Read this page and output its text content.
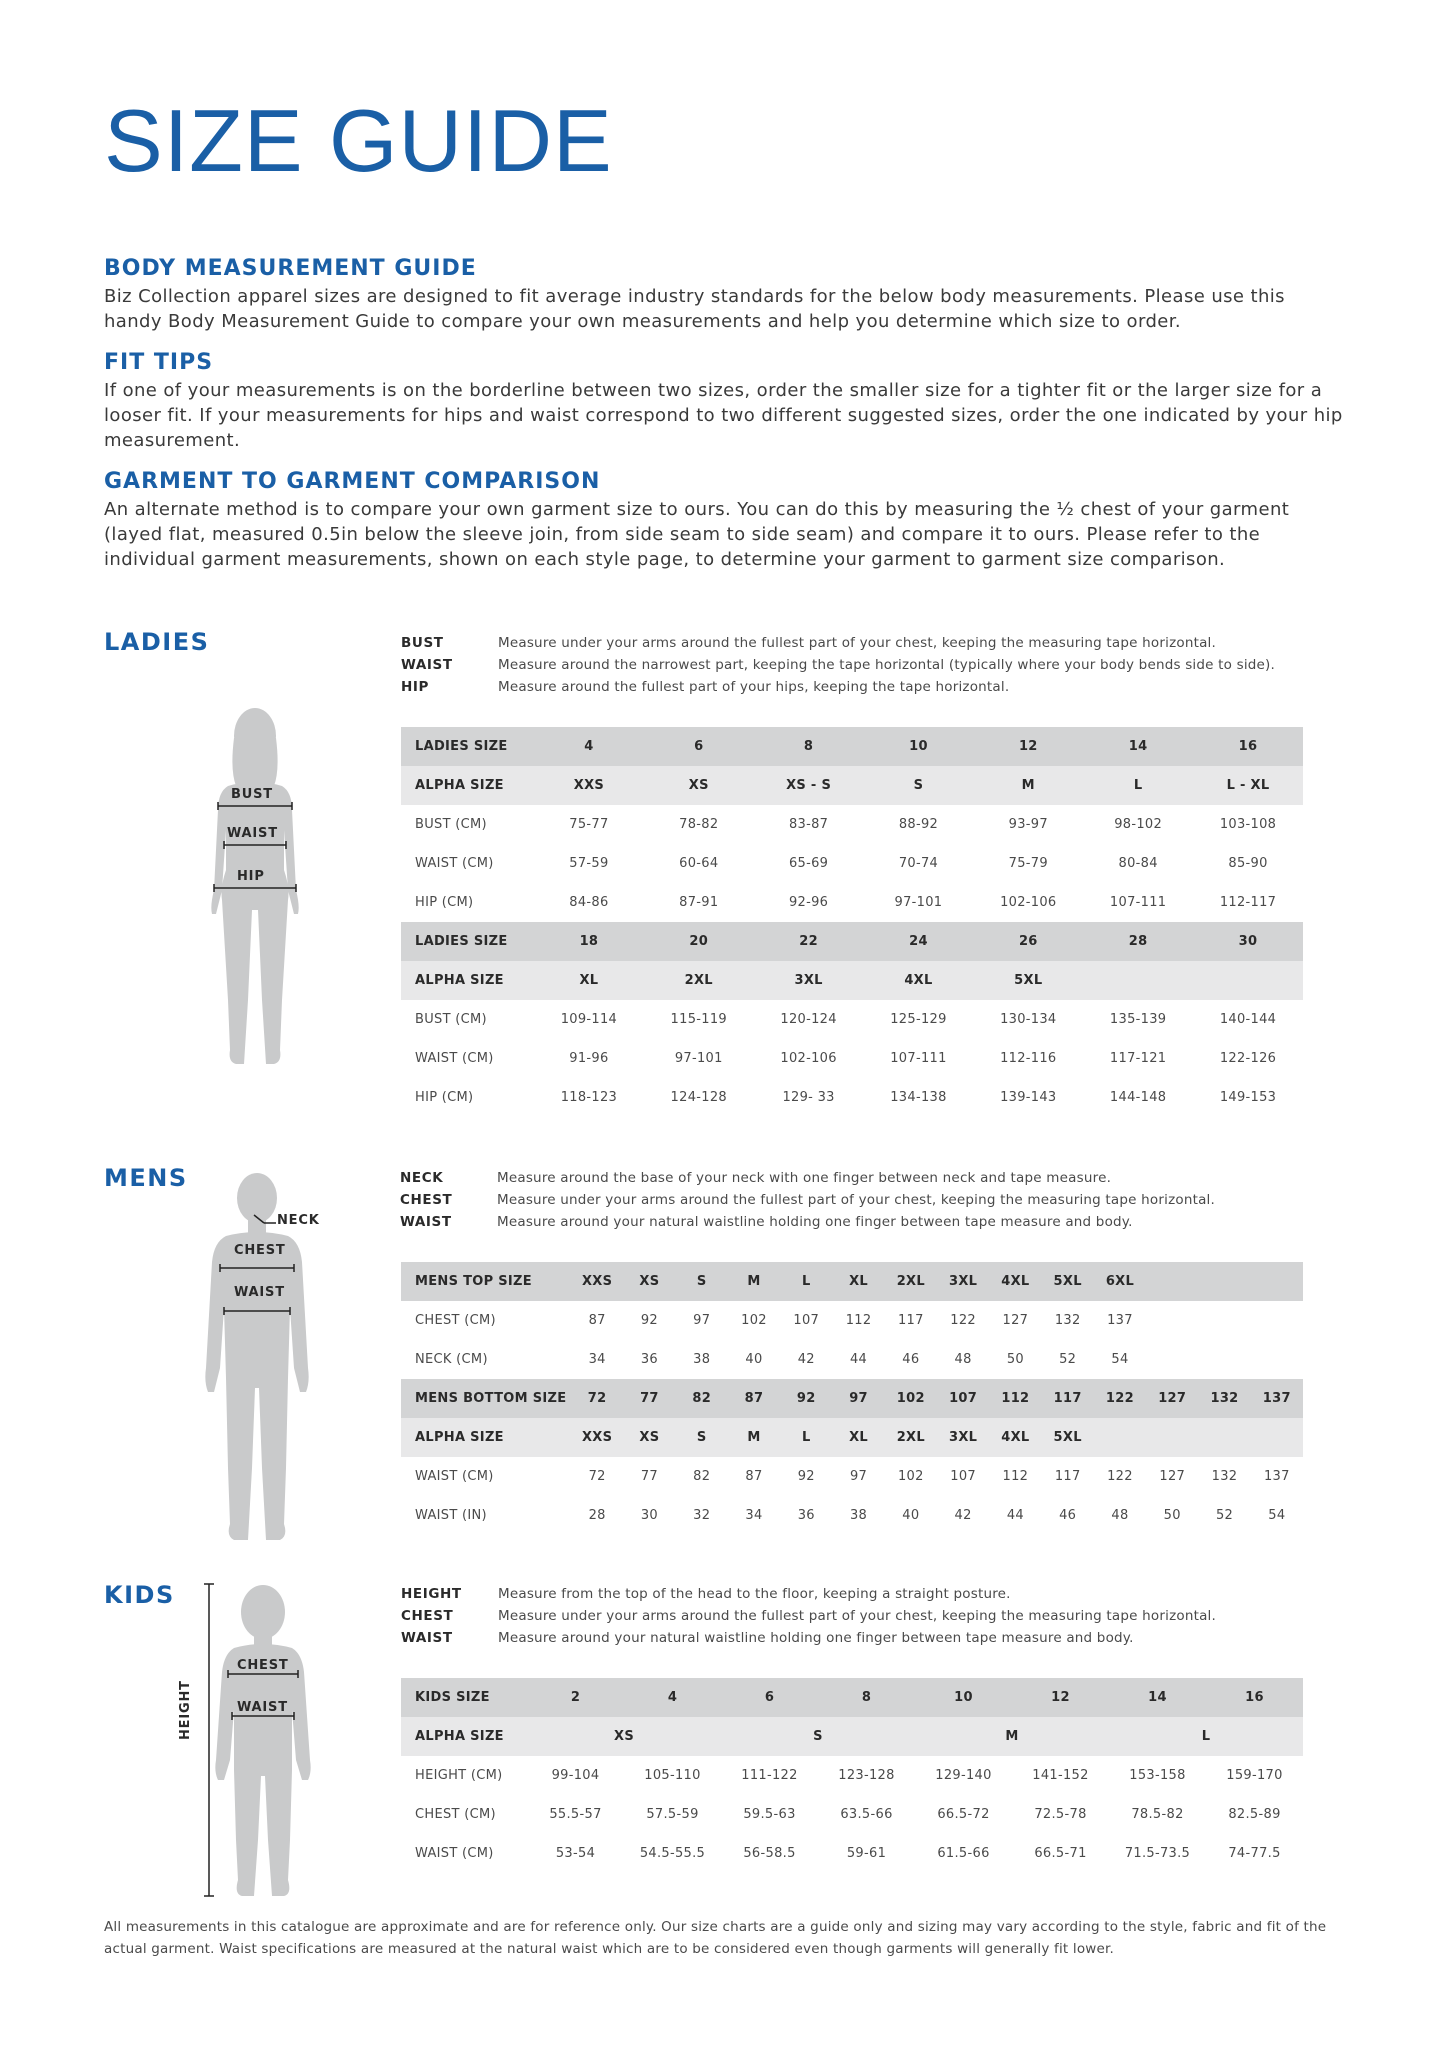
SIZE GUIDE
BODY MEASUREMENT GUIDE
Biz Collection apparel sizes are designed to fit average industry standards for the below body measurements. Please use this handy Body Measurement Guide to compare your own measurements and help you determine which size to order.
FIT TIPS
If one of your measurements is on the borderline between two sizes, order the smaller size for a tighter fit or the larger size for a looser fit. If your measurements for hips and waist correspond to two different suggested sizes, order the one indicated by your hip measurement.
GARMENT TO GARMENT COMPARISON
An alternate method is to compare your own garment size to ours. You can do this by measuring the ½ chest of your garment (layed flat, measured 0.5in below the sleeve join, from side seam to side seam) and compare it to ours. Please refer to the individual garment measurements, shown on each style page, to determine your garment to garment size comparison.
LADIES
BUST
WAIST
HIP
BUST	Measure under your arms around the fullest part of your chest, keeping the measuring tape horizontal.
WAIST	Measure around the narrowest part, keeping the tape horizontal (typically where your body bends side to side).
HIP	Measure around the fullest part of your hips, keeping the tape horizontal.
LADIES SIZE	4	6	8	10	12	14	16
ALPHA SIZE	XXS	XS	XS - S	S	M	L	L - XL
BUST (CM)	75-77	78-82	83-87	88-92	93-97	98-102	103-108
WAIST (CM)	57-59	60-64	65-69	70-74	75-79	80-84	85-90
HIP (CM)	84-86	87-91	92-96	97-101	102-106	107-111	112-117
LADIES SIZE	18	20	22	24	26	28	30
ALPHA SIZE	XL	2XL	3XL	4XL	5XL		
BUST (CM)	109-114	115-119	120-124	125-129	130-134	135-139	140-144
WAIST (CM)	91-96	97-101	102-106	107-111	112-116	117-121	122-126
HIP (CM)	118-123	124-128	129- 33	134-138	139-143	144-148	149-153
MENS
NECK
CHEST
WAIST
NECK	Measure around the base of your neck with one finger between neck and tape measure.
CHEST	Measure under your arms around the fullest part of your chest, keeping the measuring tape horizontal.
WAIST	Measure around your natural waistline holding one finger between tape measure and body.
MENS TOP SIZE	XXS	XS	S	M	L	XL	2XL	3XL	4XL	5XL	6XL			
CHEST (CM)	87	92	97	102	107	112	117	122	127	132	137			
NECK (CM)	34	36	38	40	42	44	46	48	50	52	54			
MENS BOTTOM SIZE	72	77	82	87	92	97	102	107	112	117	122	127	132	137
ALPHA SIZE	XXS	XS	S	M	L	XL	2XL	3XL	4XL	5XL				
WAIST (CM)	72	77	82	87	92	97	102	107	112	117	122	127	132	137
WAIST (IN)	28	30	32	34	36	38	40	42	44	46	48	50	52	54
KIDS
HEIGHT
CHEST
WAIST
HEIGHT	Measure from the top of the head to the floor, keeping a straight posture.
CHEST	Measure under your arms around the fullest part of your chest, keeping the measuring tape horizontal.
WAIST	Measure around your natural waistline holding one finger between tape measure and body.
KIDS SIZE	2	4	6	8	10	12	14	16
ALPHA SIZE	XS		S		M		L	
HEIGHT (CM)	99-104	105-110	111-122	123-128	129-140	141-152	153-158	159-170
CHEST (CM)	55.5-57	57.5-59	59.5-63	63.5-66	66.5-72	72.5-78	78.5-82	82.5-89
WAIST (CM)	53-54	54.5-55.5	56-58.5	59-61	61.5-66	66.5-71	71.5-73.5	74-77.5
All measurements in this catalogue are approximate and are for reference only. Our size charts are a guide only and sizing may vary according to the style, fabric and fit of the actual garment. Waist specifications are measured at the natural waist which are to be considered even though garments will generally fit lower.
